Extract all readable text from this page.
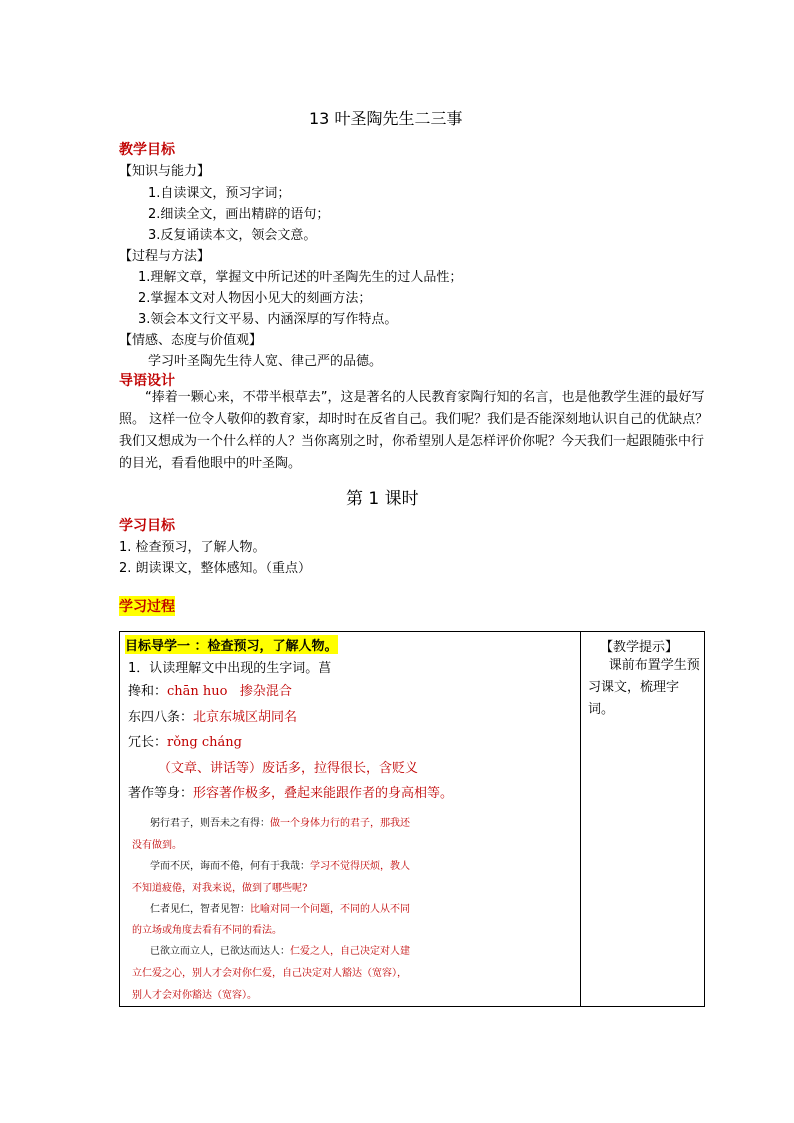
13 叶圣陶先生二三事
教学目标
【知识与能力】
1.自读课文，预习字词；
2.细读全文，画出精辟的语句；
3.反复诵读本文，领会文意。
【过程与方法】
1.理解文章，掌握文中所记述的叶圣陶先生的过人品性；
2.掌握本文对人物因小见大的刻画方法；
3.领会本文行文平易、内涵深厚的写作特点。
【情感、态度与价值观】
学习叶圣陶先生待人宽、律己严的品德。
导语设计
“捧着一颗心来，不带半根草去”，这是著名的人民教育家陶行知的名言，也是他教学生涯的最好写照。 这样一位令人敬仰的教育家，却时时在反省自己。我们呢？我们是否能深刻地认识自己的优缺点？我们又想成为一个什么样的人？当你离别之时，你希望别人是怎样评价你呢？今天我们一起跟随张中行的目光，看看他眼中的叶圣陶。
第 1 课时
学习目标
1. 检查预习，了解人物。
2. 朗读课文，整体感知。（重点）
学习过程
目标导学一 ：检查预习，了解人物。
1．认读理解文中出现的生字词。菖
搀和：chān huo 掺杂混合
东四八条：北京东城区胡同名
冗长：rǒng cháng
（文章、讲话等）废话多，拉得很长，含贬义
著作等身：形容著作极多，叠起来能跟作者的身高相等。
躬行君子，则吾未之有得：做一个身体力行的君子，那我还
没有做到。
学而不厌，诲而不倦，何有于我哉：学习不觉得厌烦，教人
不知道疲倦，对我来说，做到了哪些呢?
仁者见仁，智者见智：比喻对同一个问题，不同的人从不同
的立场或角度去看有不同的看法。
已欲立而立人，已欲达而达人：仁爱之人，自己决定对人建
立仁爱之心，别人才会对你仁爱，自己决定对人豁达（宽容），
别人才会对你豁达（宽容）。
【教学提示】
课前布置学生预习课文，梳理字词。
